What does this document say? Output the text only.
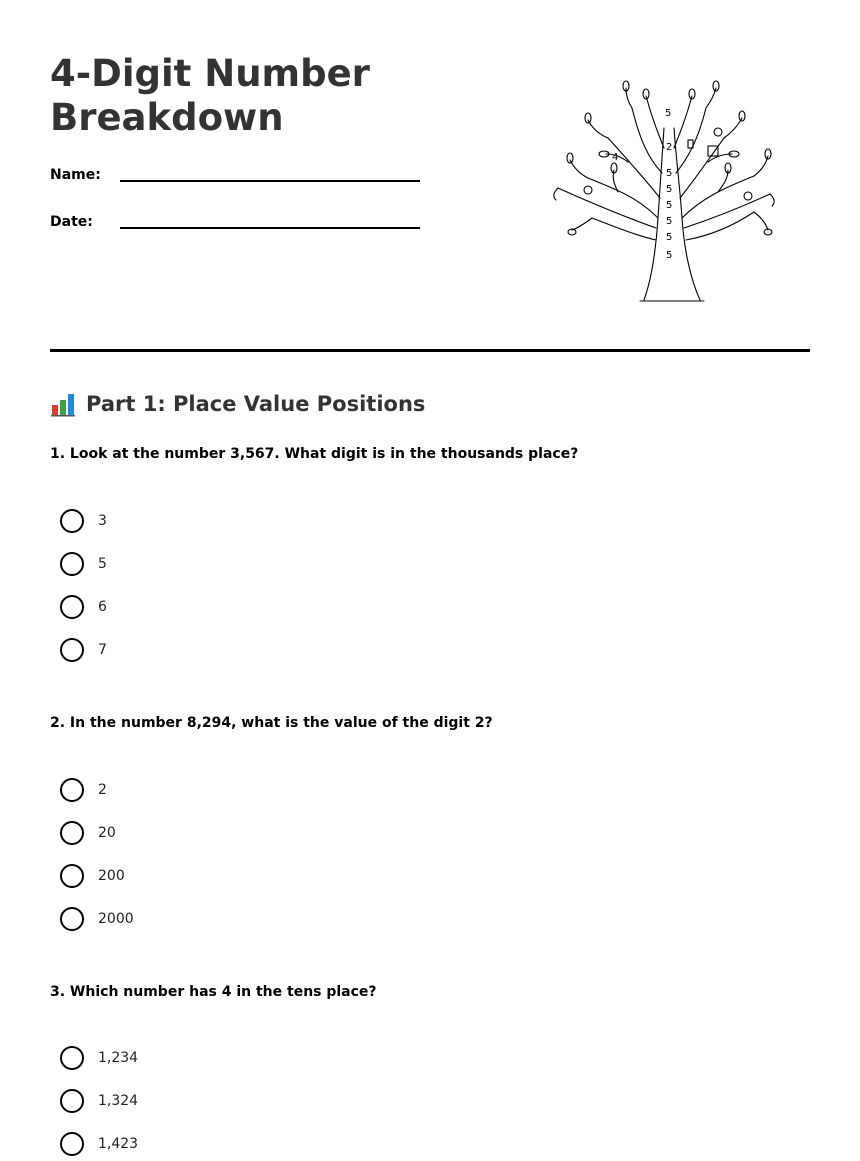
4-Digit Number Breakdown
Name:
Date:
5
2
4
5
5
5
5
5
5
Part 1: Place Value Positions

1. Look at the number 3,567. What digit is in the thousands place?

3
5
6
7

2. In the number 8,294, what is the value of the digit 2?

2
20
200
2000

3. Which number has 4 in the tens place?

1,234
1,324
1,423
